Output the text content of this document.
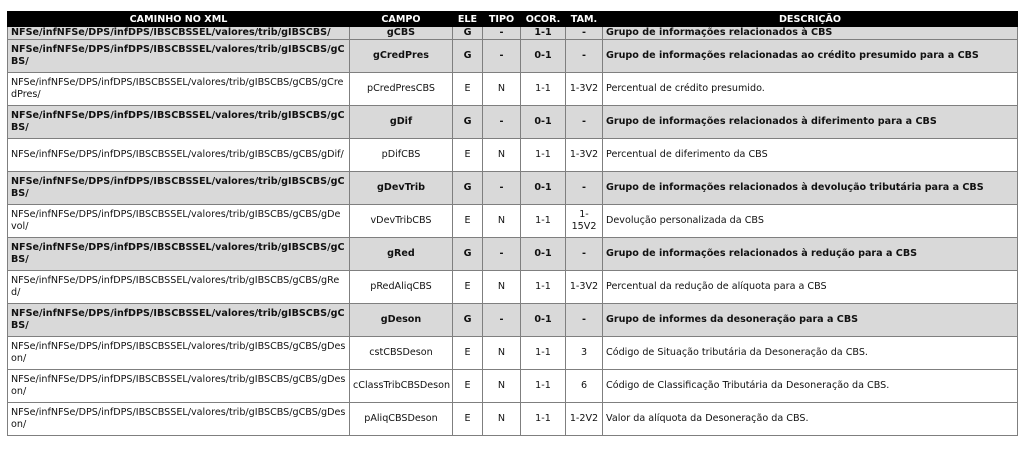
CAMINHO NO XML	CAMPO	ELE	TIPO	OCOR.	TAM.	DESCRIÇÃO
NFSe/infNFSe/DPS/infDPS/IBSCBSSEL/valores/trib/gIBSCBS/	gCBS	G	-	1-1	-	Grupo de informações relacionados à CBS
NFSe/infNFSe/DPS/infDPS/IBSCBSSEL/valores/trib/gIBSCBS/gCBS/	gCredPres	G	-	0-1	-	Grupo de informações relacionadas ao crédito presumido para a CBS
NFSe/infNFSe/DPS/infDPS/IBSCBSSEL/valores/trib/gIBSCBS/gCBS/gCredPres/	pCredPresCBS	E	N	1-1	1-3V2	Percentual de crédito presumido.
NFSe/infNFSe/DPS/infDPS/IBSCBSSEL/valores/trib/gIBSCBS/gCBS/	gDif	G	-	0-1	-	Grupo de informações relacionados à diferimento para a CBS
NFSe/infNFSe/DPS/infDPS/IBSCBSSEL/valores/trib/gIBSCBS/gCBS/gDif/	pDifCBS	E	N	1-1	1-3V2	Percentual de diferimento da CBS
NFSe/infNFSe/DPS/infDPS/IBSCBSSEL/valores/trib/gIBSCBS/gCBS/	gDevTrib	G	-	0-1	-	Grupo de informações relacionados à devolução tributária para a CBS
NFSe/infNFSe/DPS/infDPS/IBSCBSSEL/valores/trib/gIBSCBS/gCBS/gDevol/	vDevTribCBS	E	N	1-1	1-15V2	Devolução personalizada da CBS
NFSe/infNFSe/DPS/infDPS/IBSCBSSEL/valores/trib/gIBSCBS/gCBS/	gRed	G	-	0-1	-	Grupo de informações relacionados à redução para a CBS
NFSe/infNFSe/DPS/infDPS/IBSCBSSEL/valores/trib/gIBSCBS/gCBS/gRed/	pRedAliqCBS	E	N	1-1	1-3V2	Percentual da redução de alíquota para a CBS
NFSe/infNFSe/DPS/infDPS/IBSCBSSEL/valores/trib/gIBSCBS/gCBS/	gDeson	G	-	0-1	-	Grupo de informes da desoneração para a CBS
NFSe/infNFSe/DPS/infDPS/IBSCBSSEL/valores/trib/gIBSCBS/gCBS/gDeson/	cstCBSDeson	E	N	1-1	3	Código de Situação tributária da Desoneração da CBS.
NFSe/infNFSe/DPS/infDPS/IBSCBSSEL/valores/trib/gIBSCBS/gCBS/gDeson/	cClassTribCBSDeson	E	N	1-1	6	Código de Classificação Tributária da Desoneração da CBS.
NFSe/infNFSe/DPS/infDPS/IBSCBSSEL/valores/trib/gIBSCBS/gCBS/gDeson/	pAliqCBSDeson	E	N	1-1	1-2V2	Valor da alíquota da Desoneração da CBS.
